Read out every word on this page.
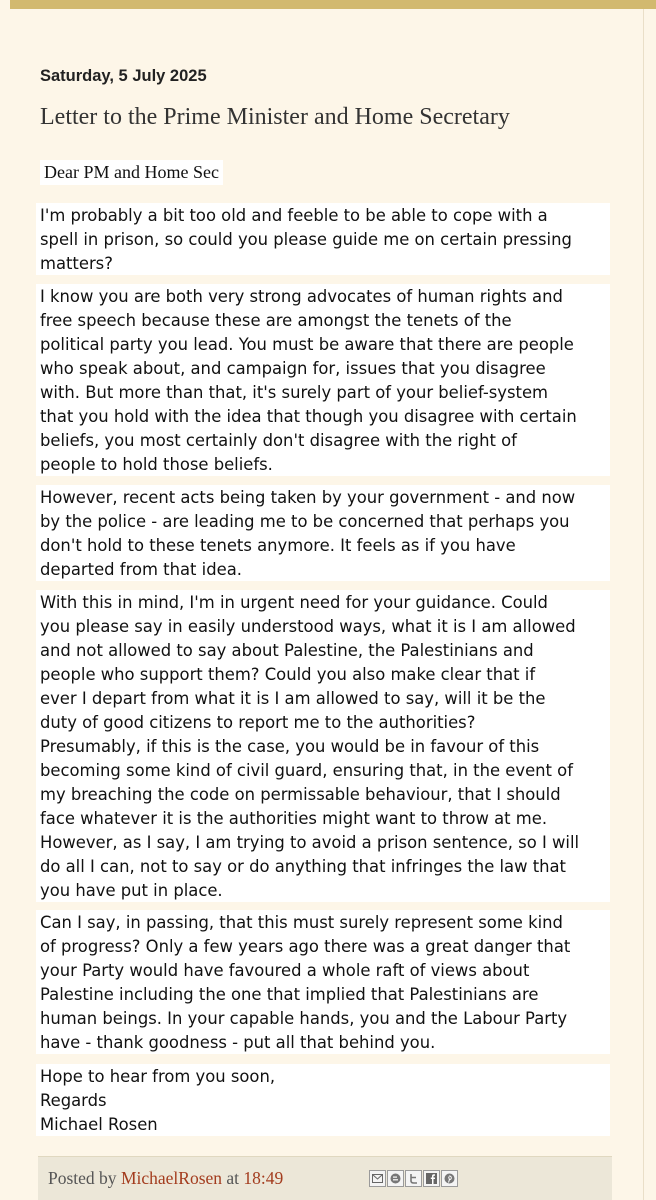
Saturday, 5 July 2025
Letter to the Prime Minister and Home Secretary
Dear PM and Home Sec
I'm probably a bit too old and feeble to be able to cope with a
spell in prison, so could you please guide me on certain pressing
matters?
I know you are both very strong advocates of human rights and
free speech because these are amongst the tenets of the
political party you lead. You must be aware that there are people
who speak about, and campaign for, issues that you disagree
with. But more than that, it's surely part of your belief-system
that you hold with the idea that though you disagree with certain
beliefs, you most certainly don't disagree with the right of
people to hold those beliefs.
However, recent acts being taken by your government - and now
by the police - are leading me to be concerned that perhaps you
don't hold to these tenets anymore. It feels as if you have
departed from that idea.
With this in mind, I'm in urgent need for your guidance. Could
you please say in easily understood ways, what it is I am allowed
and not allowed to say about Palestine, the Palestinians and
people who support them? Could you also make clear that if
ever I depart from what it is I am allowed to say, will it be the
duty of good citizens to report me to the authorities?
Presumably, if this is the case, you would be in favour of this
becoming some kind of civil guard, ensuring that, in the event of
my breaching the code on permissable behaviour, that I should
face whatever it is the authorities might want to throw at me.
However, as I say, I am trying to avoid a prison sentence, so I will
do all I can, not to say or do anything that infringes the law that
you have put in place.
Can I say, in passing, that this must surely represent some kind
of progress? Only a few years ago there was a great danger that
your Party would have favoured a whole raft of views about
Palestine including the one that implied that Palestinians are
human beings. In your capable hands, you and the Labour Party
have - thank goodness - put all that behind you.
Hope to hear from you soon,
Regards
Michael Rosen
Posted by MichaelRosen at 18:49
